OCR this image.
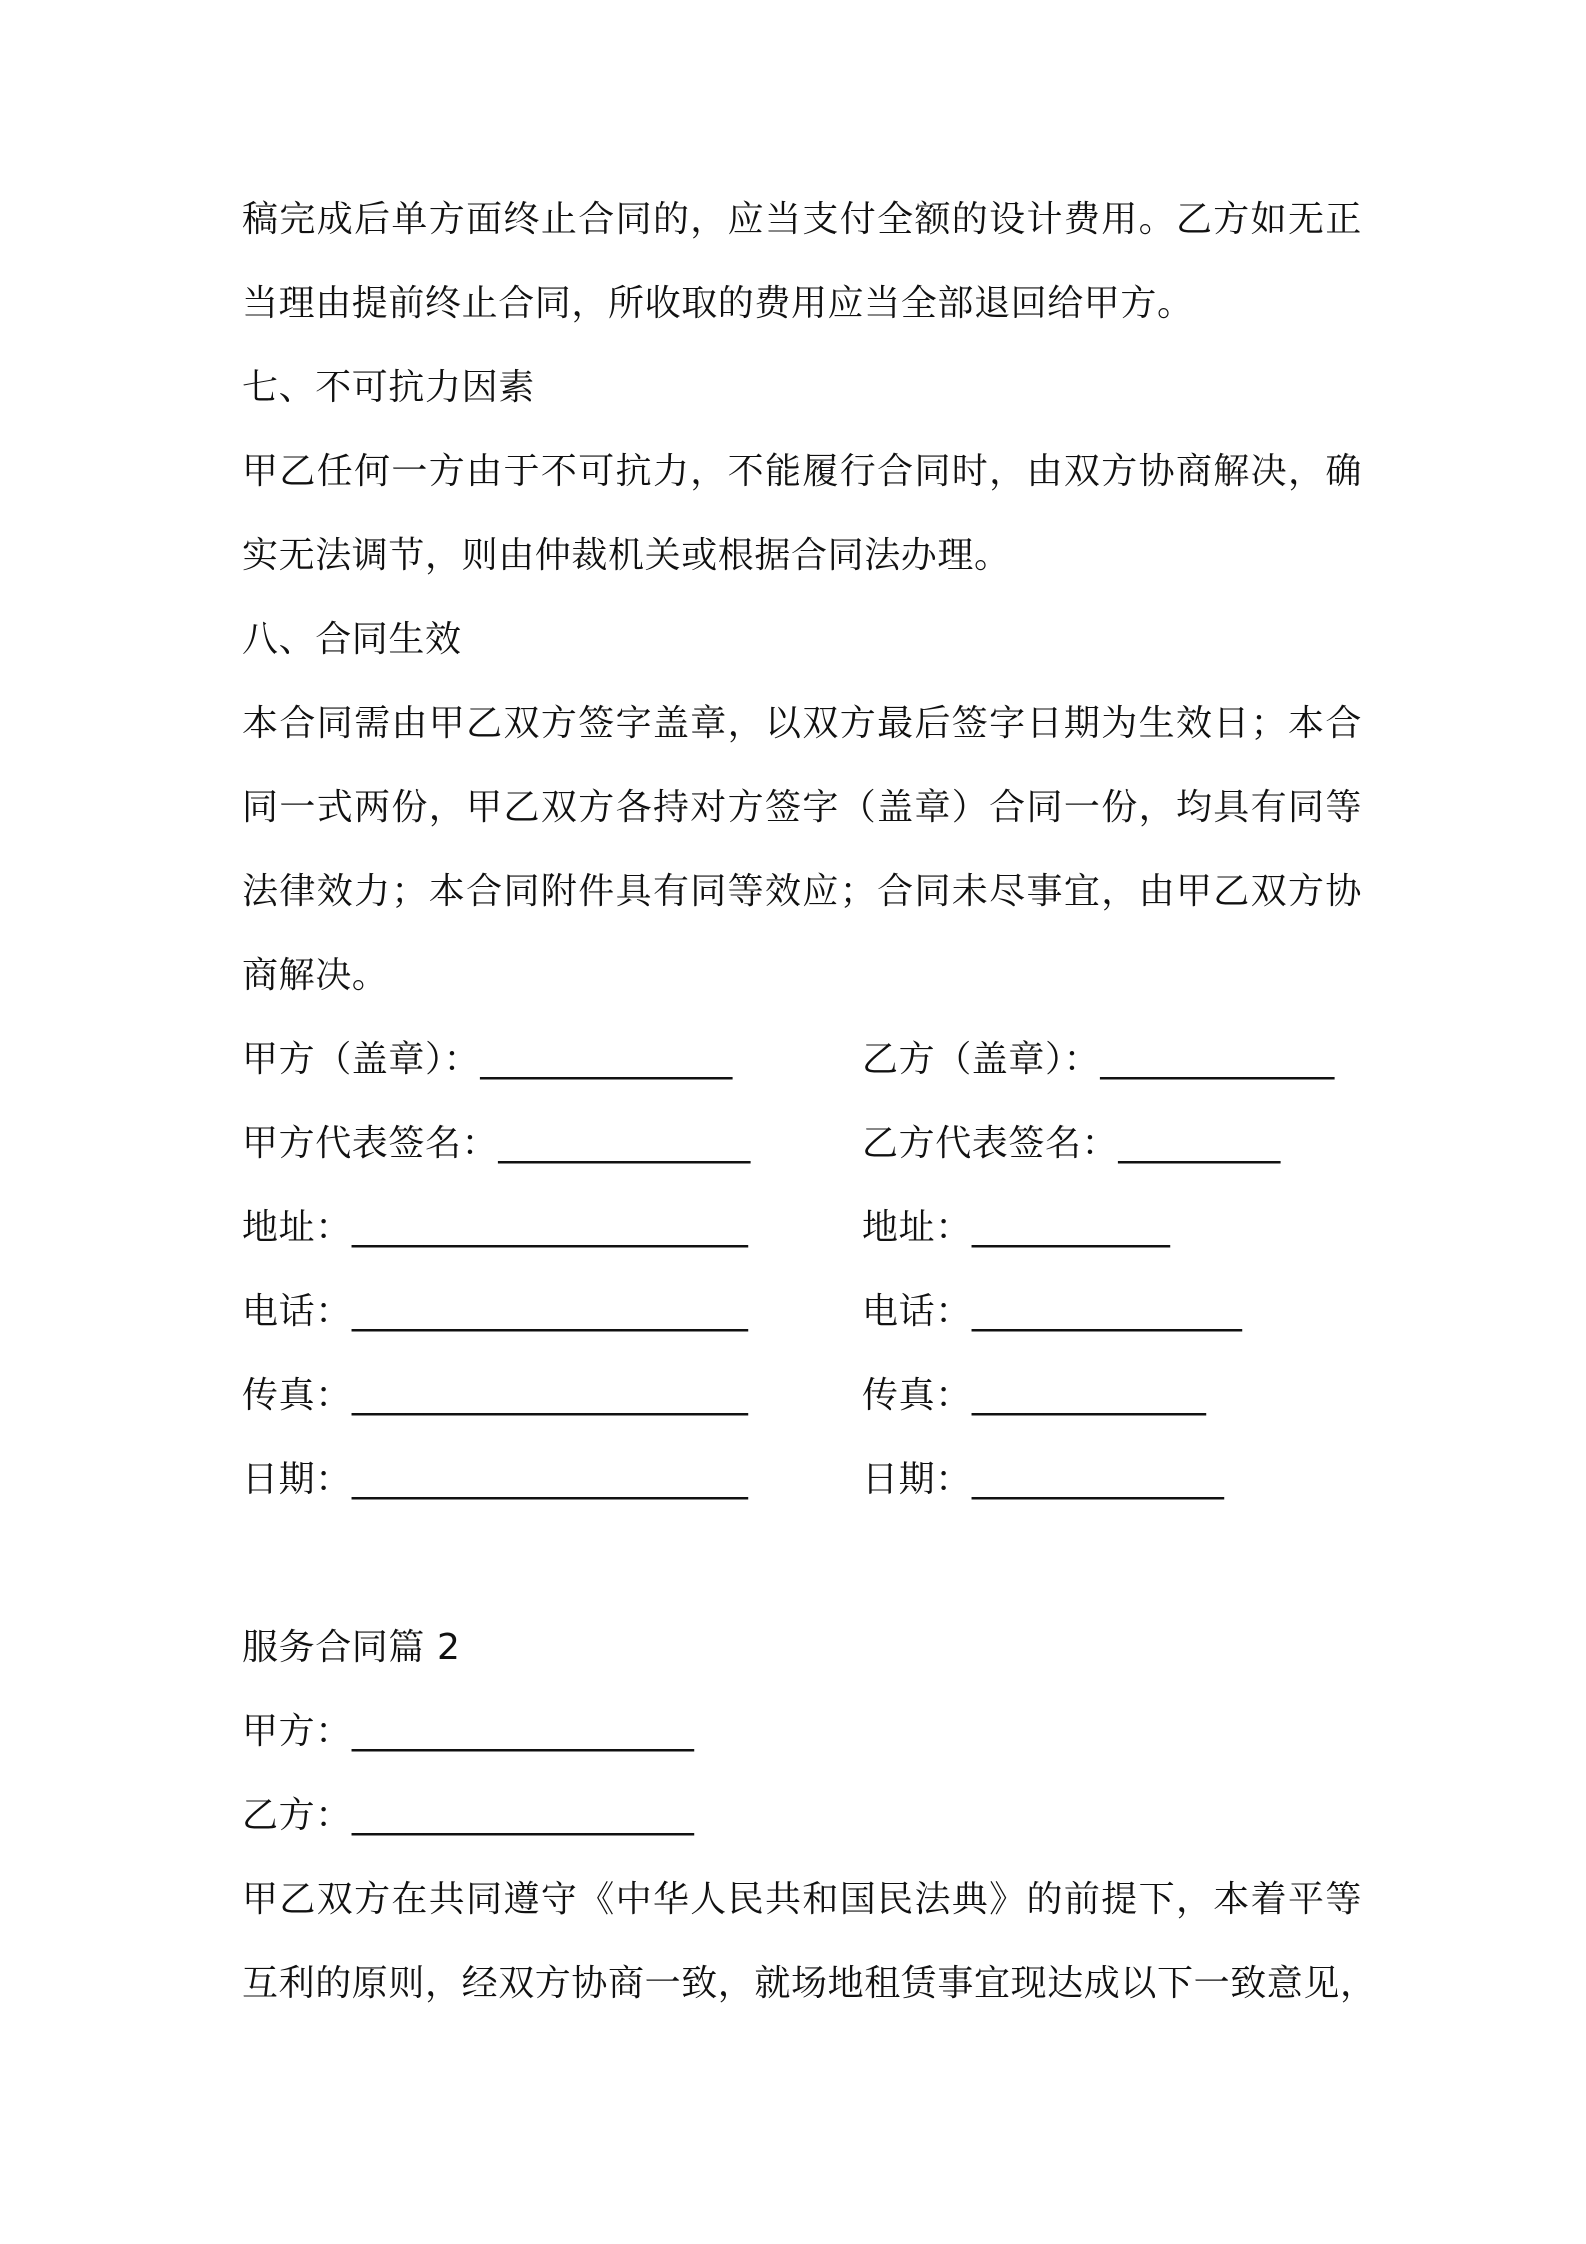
稿完成后单方面终止合同的，应当支付全额的设计费用。乙方如无正
当理由提前终止合同，所收取的费用应当全部退回给甲方。
七、不可抗力因素
甲乙任何一方由于不可抗力，不能履行合同时，由双方协商解决，确
实无法调节，则由仲裁机关或根据合同法办理。
八、合同生效
本合同需由甲乙双方签字盖章，以双方最后签字日期为生效日；本合
同一式两份，甲乙双方各持对方签字（盖章）合同一份，均具有同等
法律效力；本合同附件具有同等效应；合同未尽事宜，由甲乙双方协
商解决。
甲方（盖章）：______________	乙方（盖章）：_____________
甲方代表签名：______________	乙方代表签名：_________
地址：______________________	地址：___________
电话：______________________	电话：_______________
传真：______________________	传真：_____________
日期：______________________	日期：______________
服务合同篇 2
甲方：___________________
乙方：___________________
甲乙双方在共同遵守《中华人民共和国民法典》的前提下，本着平等
互利的原则，经双方协商一致，就场地租赁事宜现达成以下一致意见，
